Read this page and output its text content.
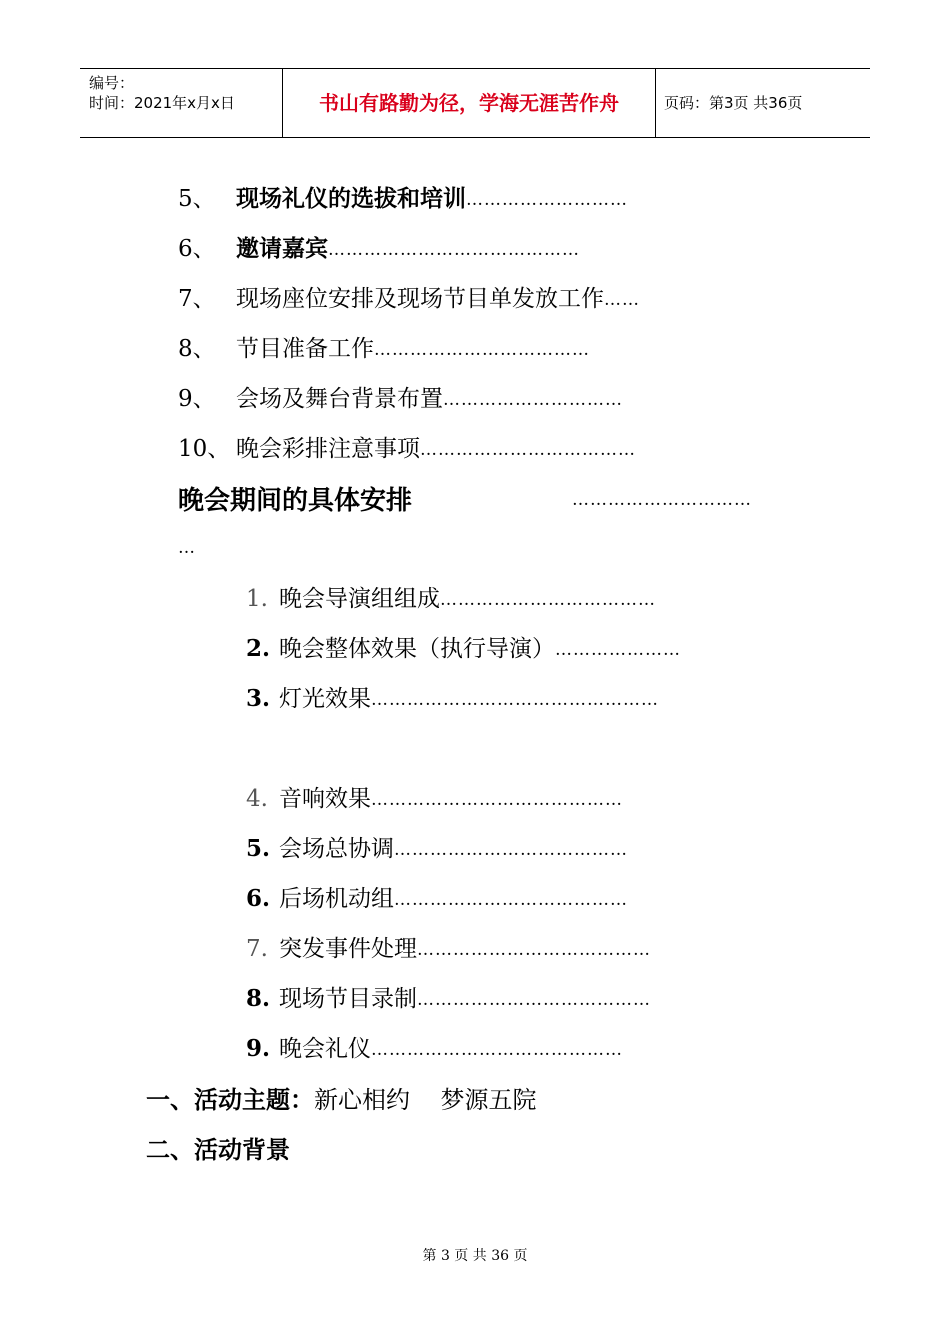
编号：
时间：2021年x月x日	书山有路勤为径，学海无涯苦作舟	页码：第3页 共36页
5、 现场礼仪的选拔和培训………………………
6、 邀请嘉宾……………………………………
7、 现场座位安排及现场节目单发放工作……
8、 节目准备工作………………………………
9、 会场及舞台背景布置…………………………
10、 晚会彩排注意事项………………………………
晚会期间的具体安排	…………………………
…
1. 晚会导演组组成………………………………
2. 晚会整体效果（执行导演）…………………
3. 灯光效果…………………………………………
4. 音响效果……………………………………
5. 会场总协调…………………………………
6. 后场机动组…………………………………
7. 突发事件处理…………………………………
8. 现场节目录制…………………………………
9. 晚会礼仪……………………………………
一、活动主题：新心相约    梦源五院
二、活动背景
第 3 页 共 36 页
